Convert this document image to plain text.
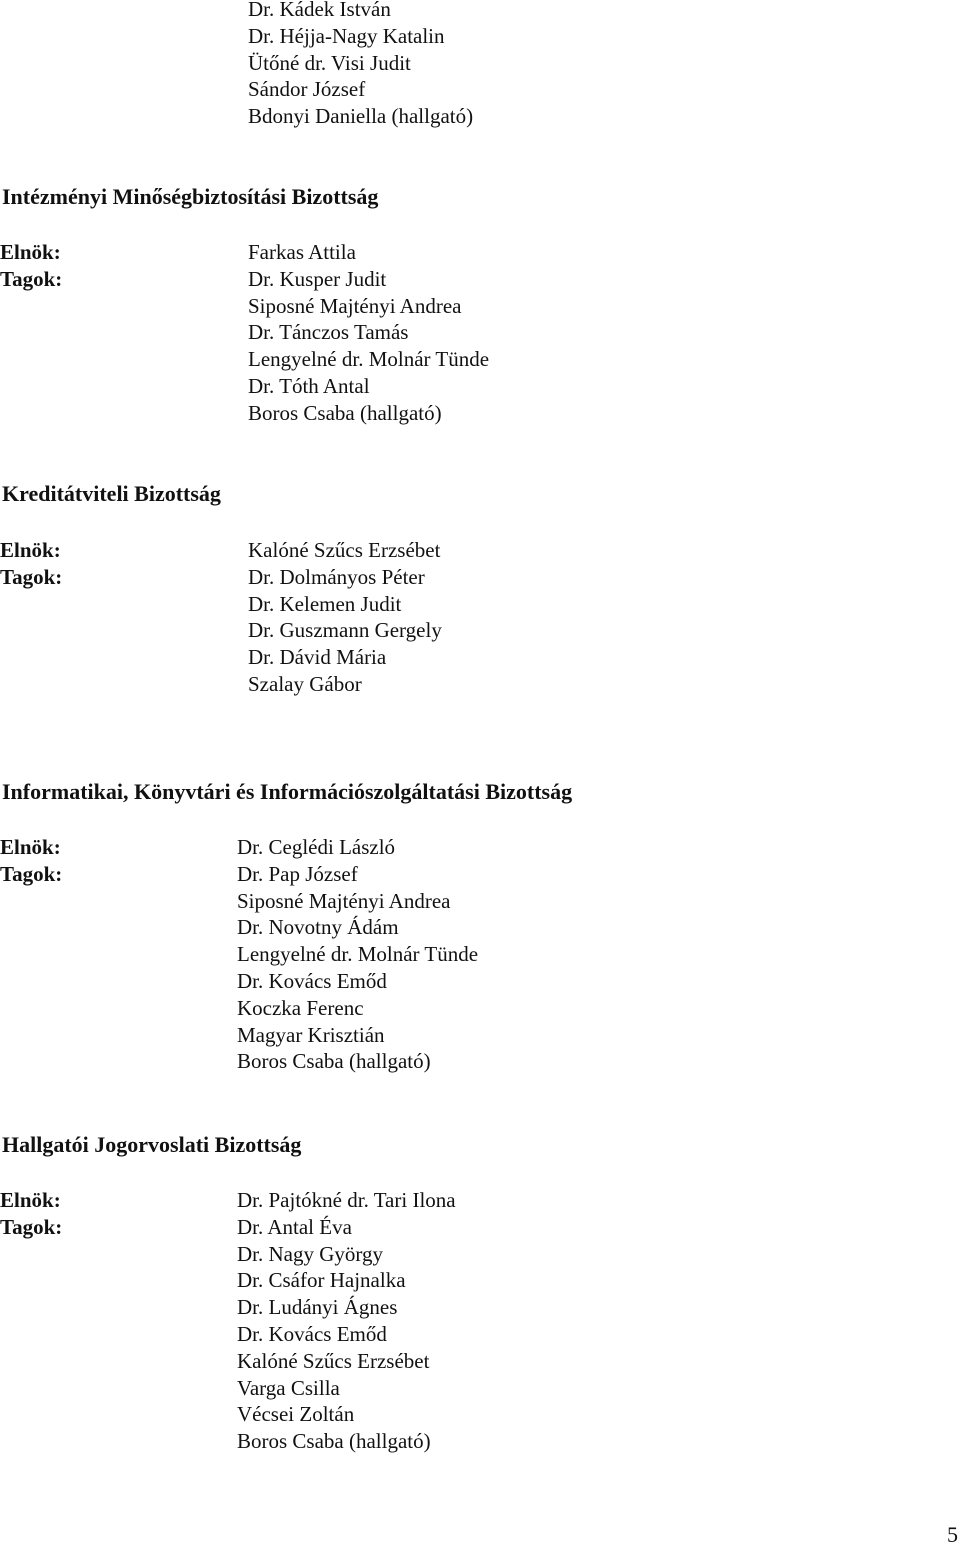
Dr. Kádek István
Dr. Héjja-Nagy Katalin
Ütőné dr. Visi Judit
Sándor József
Bdonyi Daniella (hallgató)
Intézményi Minőségbiztosítási Bizottság
Elnök:
Tagok:
Farkas Attila
Dr. Kusper Judit
Siposné Majtényi Andrea
Dr. Tánczos Tamás
Lengyelné dr. Molnár Tünde
Dr. Tóth Antal
Boros Csaba (hallgató)
Kreditátviteli Bizottság
Elnök:
Tagok:
Kalóné Szűcs Erzsébet
Dr. Dolmányos Péter
Dr. Kelemen Judit
Dr. Guszmann Gergely
Dr. Dávid Mária
Szalay Gábor
Informatikai, Könyvtári és Információszolgáltatási Bizottság
Elnök:
Tagok:
Dr. Ceglédi László
Dr. Pap József
Siposné Majtényi Andrea
Dr. Novotny Ádám
Lengyelné dr. Molnár Tünde
Dr. Kovács Emőd
Koczka Ferenc
Magyar Krisztián
Boros Csaba (hallgató)
Hallgatói Jogorvoslati Bizottság
Elnök:
Tagok:
Dr. Pajtókné dr. Tari Ilona
Dr. Antal Éva
Dr. Nagy György
Dr. Csáfor Hajnalka
Dr. Ludányi Ágnes
Dr. Kovács Emőd
Kalóné Szűcs Erzsébet
Varga Csilla
Vécsei Zoltán
Boros Csaba (hallgató)
5
